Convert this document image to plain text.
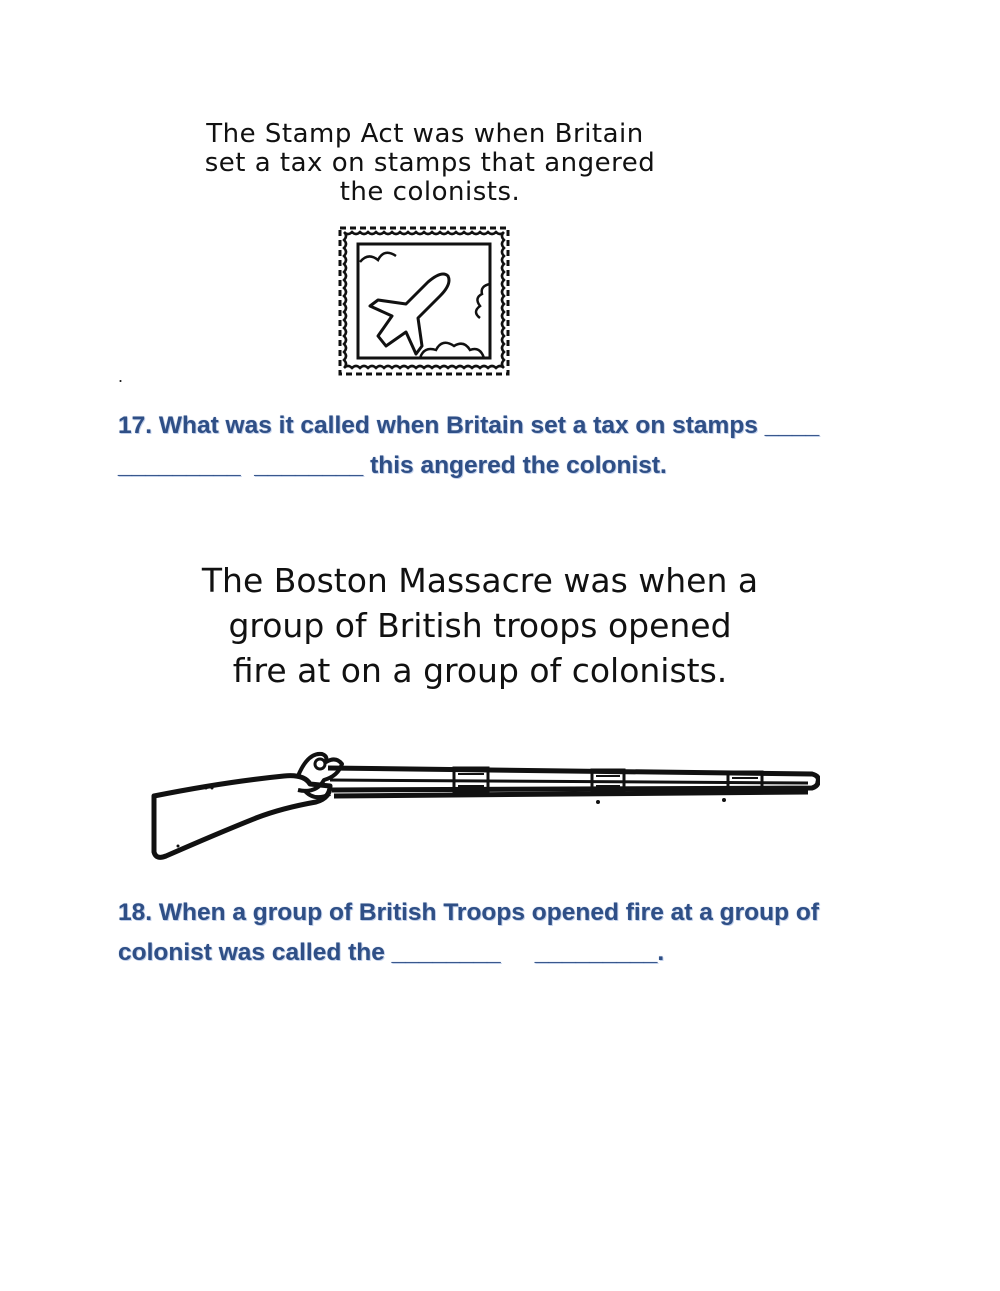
The Stamp Act was when Britain
set a tax on stamps that angered
the colonists.
.
17. What was it called when Britain set a tax on stamps ____
_________ ________ this angered the colonist.
The Boston Massacre was when a
group of British troops opened
fire at on a group of colonists.
18. When a group of British Troops opened fire at a group of colonist was called the ________ _________.
